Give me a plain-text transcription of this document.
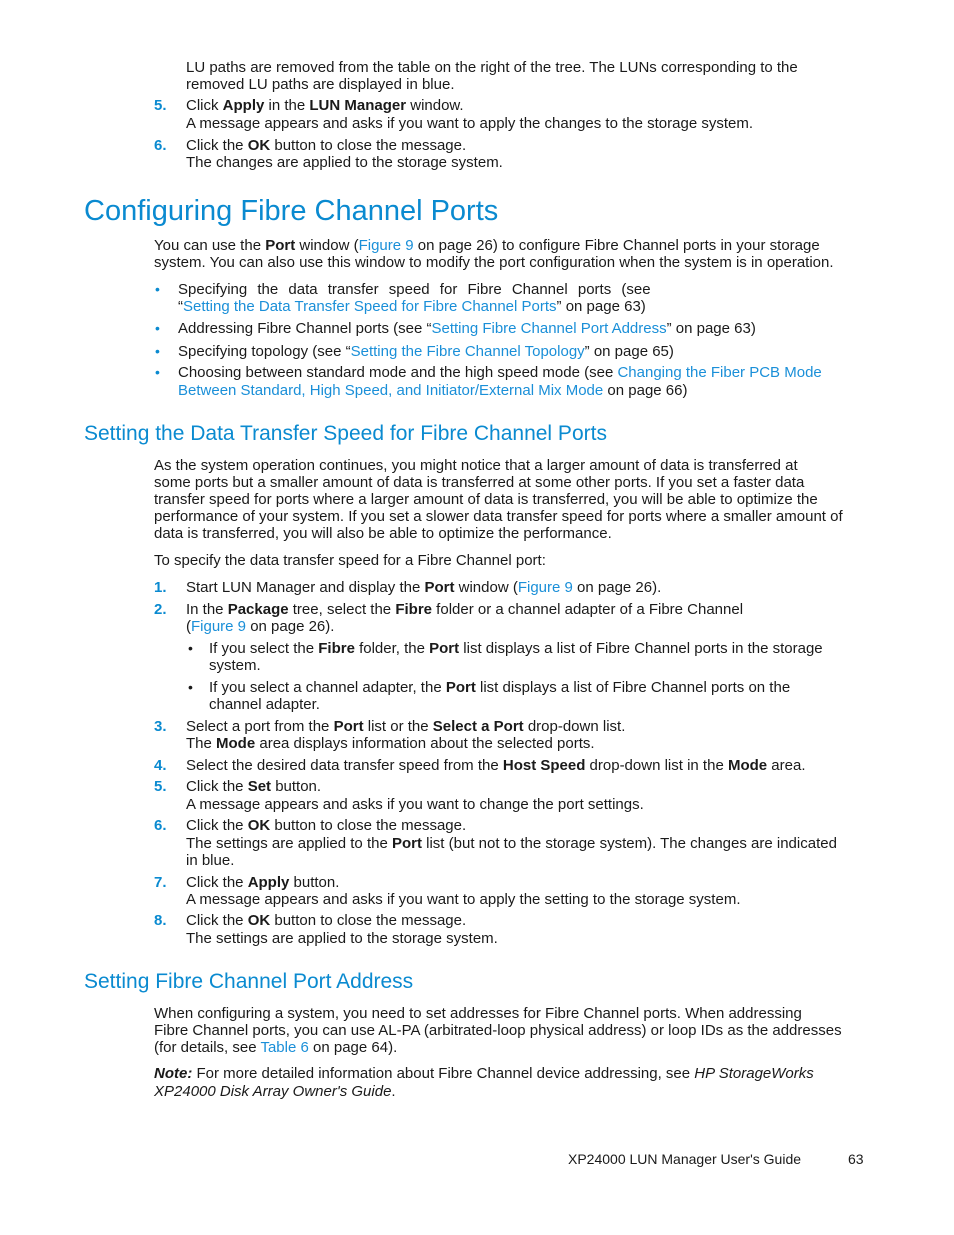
LU paths are removed from the table on the right of the tree. The LUNs corresponding to the

removed LU paths are displayed in blue.

5. Click Apply in the LUN Manager window.

A message appears and asks if you want to apply the changes to the storage system.

6. Click the OK button to close the message.

The changes are applied to the storage system.

Configuring Fibre Channel Ports

You can use the Port window (Figure 9 on page 26) to configure Fibre Channel ports in your storage

system. You can also use this window to modify the port configuration when the system is in operation.

• Specifying the data transfer speed for Fibre Channel ports (see

“Setting the Data Transfer Speed for Fibre Channel Ports” on page 63)

• Addressing Fibre Channel ports (see “Setting Fibre Channel Port Address” on page 63)

• Specifying topology (see “Setting the Fibre Channel Topology” on page 65)

• Choosing between standard mode and the high speed mode (see Changing the Fiber PCB Mode

Between Standard, High Speed, and Initiator/External Mix Mode on page 66)

Setting the Data Transfer Speed for Fibre Channel Ports

As the system operation continues, you might notice that a larger amount of data is transferred at

some ports but a smaller amount of data is transferred at some other ports. If you set a faster data

transfer speed for ports where a larger amount of data is transferred, you will be able to optimize the

performance of your system. If you set a slower data transfer speed for ports where a smaller amount of

data is transferred, you will also be able to optimize the performance.

To specify the data transfer speed for a Fibre Channel port:

1. Start LUN Manager and display the Port window (Figure 9 on page 26).

2. In the Package tree, select the Fibre folder or a channel adapter of a Fibre Channel

(Figure 9 on page 26).

• If you select the Fibre folder, the Port list displays a list of Fibre Channel ports in the storage

system.

• If you select a channel adapter, the Port list displays a list of Fibre Channel ports on the

channel adapter.

3. Select a port from the Port list or the Select a Port drop-down list.

The Mode area displays information about the selected ports.

4. Select the desired data transfer speed from the Host Speed drop-down list in the Mode area.

5. Click the Set button.

A message appears and asks if you want to change the port settings.

6. Click the OK button to close the message.

The settings are applied to the Port list (but not to the storage system). The changes are indicated

in blue.

7. Click the Apply button.

A message appears and asks if you want to apply the setting to the storage system.

8. Click the OK button to close the message.

The settings are applied to the storage system.

Setting Fibre Channel Port Address

When configuring a system, you need to set addresses for Fibre Channel ports. When addressing

Fibre Channel ports, you can use AL-PA (arbitrated-loop physical address) or loop IDs as the addresses

(for details, see Table 6 on page 64).

Note: For more detailed information about Fibre Channel device addressing, see HP StorageWorks

XP24000 Disk Array Owner's Guide.

XP24000 LUN Manager User's Guide	63
